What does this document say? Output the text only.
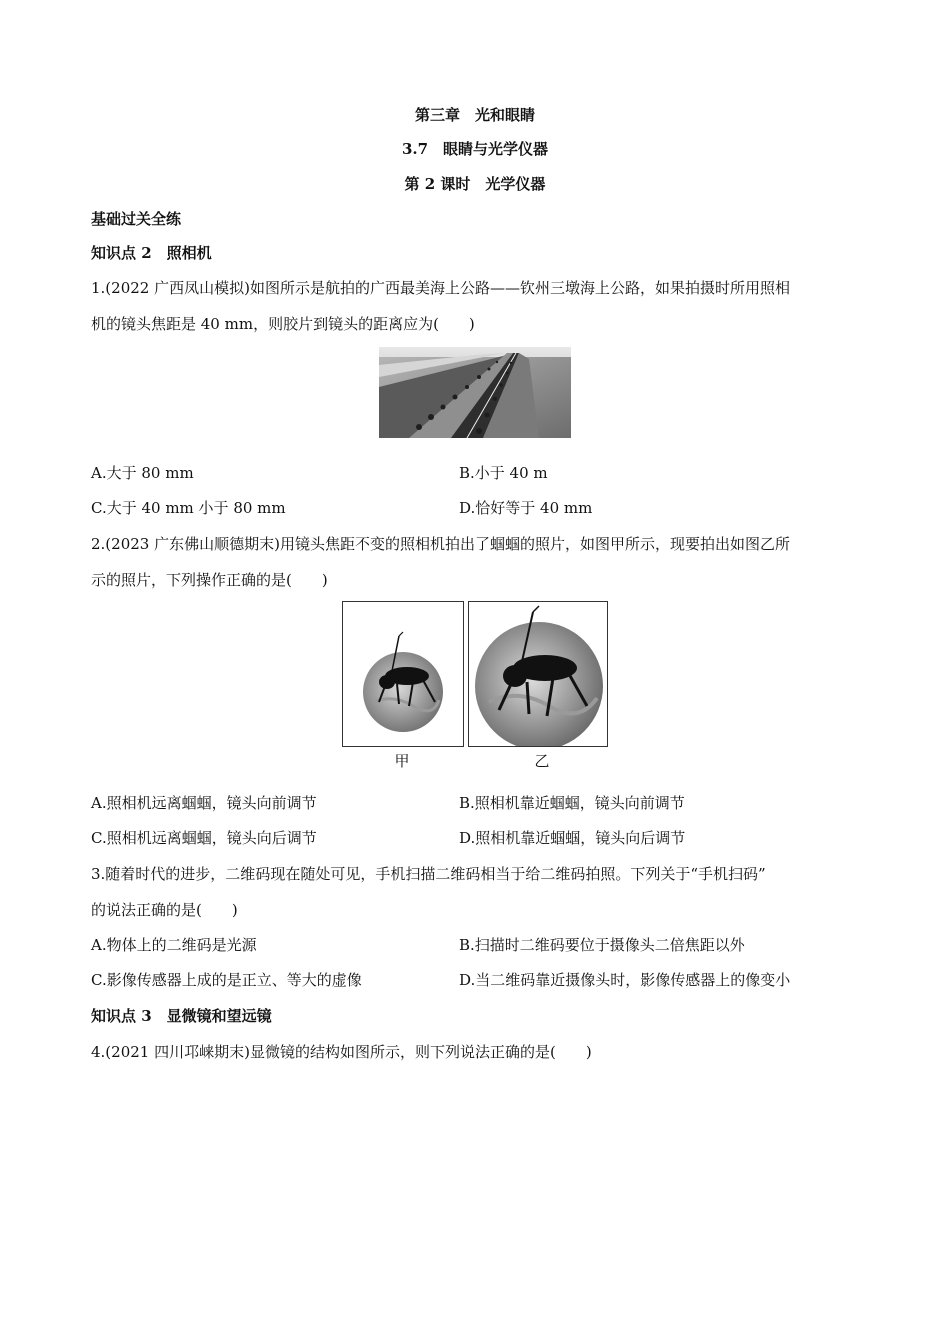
第三章　光和眼睛
3.7　眼睛与光学仪器
第 2 课时　光学仪器
基础过关全练
知识点 2　照相机
1.(2022 广西凤山模拟)如图所示是航拍的广西最美海上公路——钦州三墩海上公路，如果拍摄时所用照相
机的镜头焦距是 40 mm，则胶片到镜头的距离应为(　　)
A.大于 80 mm	B.小于 40 m
C.大于 40 mm 小于 80 mm	D.恰好等于 40 mm
2.(2023 广东佛山顺德期末)用镜头焦距不变的照相机拍出了蝈蝈的照片，如图甲所示，现要拍出如图乙所
示的照片，下列操作正确的是(　　)
甲	乙
A.照相机远离蝈蝈，镜头向前调节	B.照相机靠近蝈蝈，镜头向前调节
C.照相机远离蝈蝈，镜头向后调节	D.照相机靠近蝈蝈，镜头向后调节
3.随着时代的进步，二维码现在随处可见，手机扫描二维码相当于给二维码拍照。下列关于“手机扫码”
的说法正确的是(　　)
A.物体上的二维码是光源	B.扫描时二维码要位于摄像头二倍焦距以外
C.影像传感器上成的是正立、等大的虚像	D.当二维码靠近摄像头时，影像传感器上的像变小
知识点 3　显微镜和望远镜
4.(2021 四川邛崃期末)显微镜的结构如图所示，则下列说法正确的是(　　)
